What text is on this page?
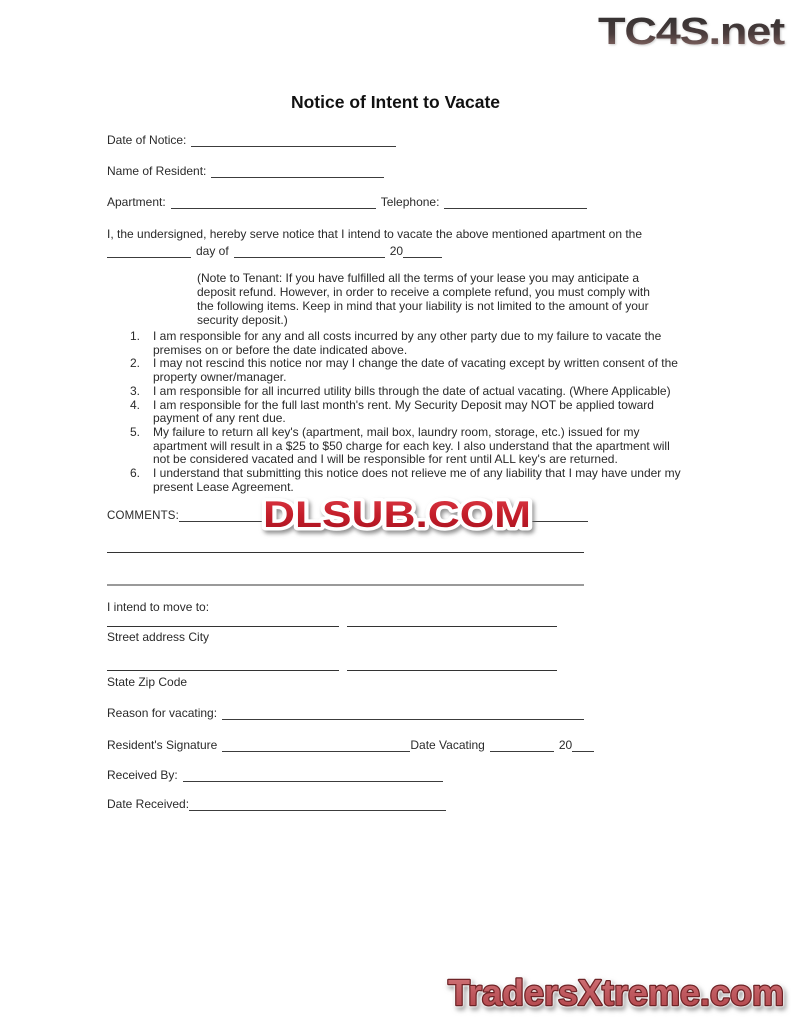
TC4S.net
Notice of Intent to Vacate
Date of Notice:
Name of Resident:
Apartment:	Telephone:
I, the undersigned, hereby serve notice that I intend to vacate the above mentioned apartment on the
day of	20
(Note to Tenant: If you have fulfilled all the terms of your lease you may anticipate a deposit refund. However, in order to receive a complete refund, you must comply with the following items. Keep in mind that your liability is not limited to the amount of your security deposit.)
1.	I am responsible for any and all costs incurred by any other party due to my failure to vacate the premises on or before the date indicated above.
2.	I may not rescind this notice nor may I change the date of vacating except by written consent of the property owner/manager.
3.	I am responsible for all incurred utility bills through the date of actual vacating. (Where Applicable)
4.	I am responsible for the full last month's rent. My Security Deposit may NOT be applied toward payment of any rent due.
5.	My failure to return all key's (apartment, mail box, laundry room, storage, etc.) issued for my apartment will result in a $25 to $50 charge for each key. I also understand that the apartment will not be considered vacated and I will be responsible for rent until ALL key's are returned.
6.	I understand that submitting this notice does not relieve me of any liability that I may have under my present Lease Agreement.
COMMENTS:	DLSUB.COM
I intend to move to:
Street address City
State Zip Code
Reason for vacating:
Resident's Signature	Date Vacating	20
Received By:
Date Received:
TradersXtreme.com
